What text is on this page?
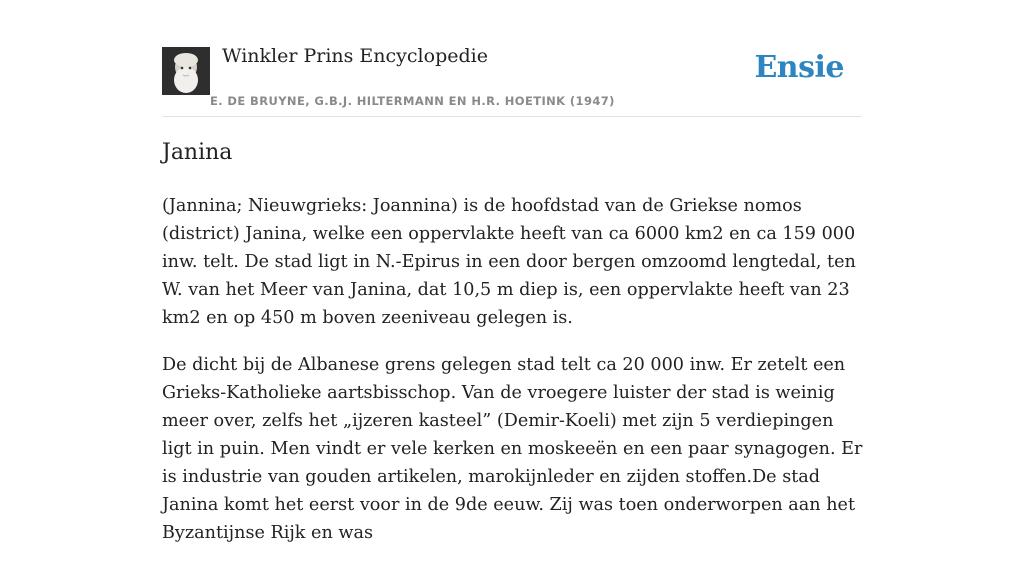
Winkler Prins Encyclopedie
E. DE BRUYNE, G.B.J. HILTERMANN EN H.R. HOETINK (1947)
Ensie
Janina

(Jannina; Nieuwgrieks: Joannina) is de hoofdstad van de Griekse nomos (district) Janina, welke een oppervlakte heeft van ca 6000 km2 en ca 159 000 inw. telt. De stad ligt in N.-Epirus in een door bergen omzoomd lengtedal, ten W. van het Meer van Janina, dat 10,5 m diep is, een oppervlakte heeft van 23 km2 en op 450 m boven zeeniveau gelegen is.

De dicht bij de Albanese grens gelegen stad telt ca 20 000 inw. Er zetelt een Grieks-Katholieke aartsbisschop. Van de vroegere luister der stad is weinig meer over, zelfs het „ijzeren kasteel” (Demir-Koeli) met zijn 5 verdiepingen ligt in puin. Men vindt er vele kerken en moskeeën en een paar synagogen. Er is industrie van gouden artikelen, marokijnleder en zijden stoffen.De stad Janina komt het eerst voor in de 9de eeuw. Zij was toen onderworpen aan het Byzantijnse Rijk en was
